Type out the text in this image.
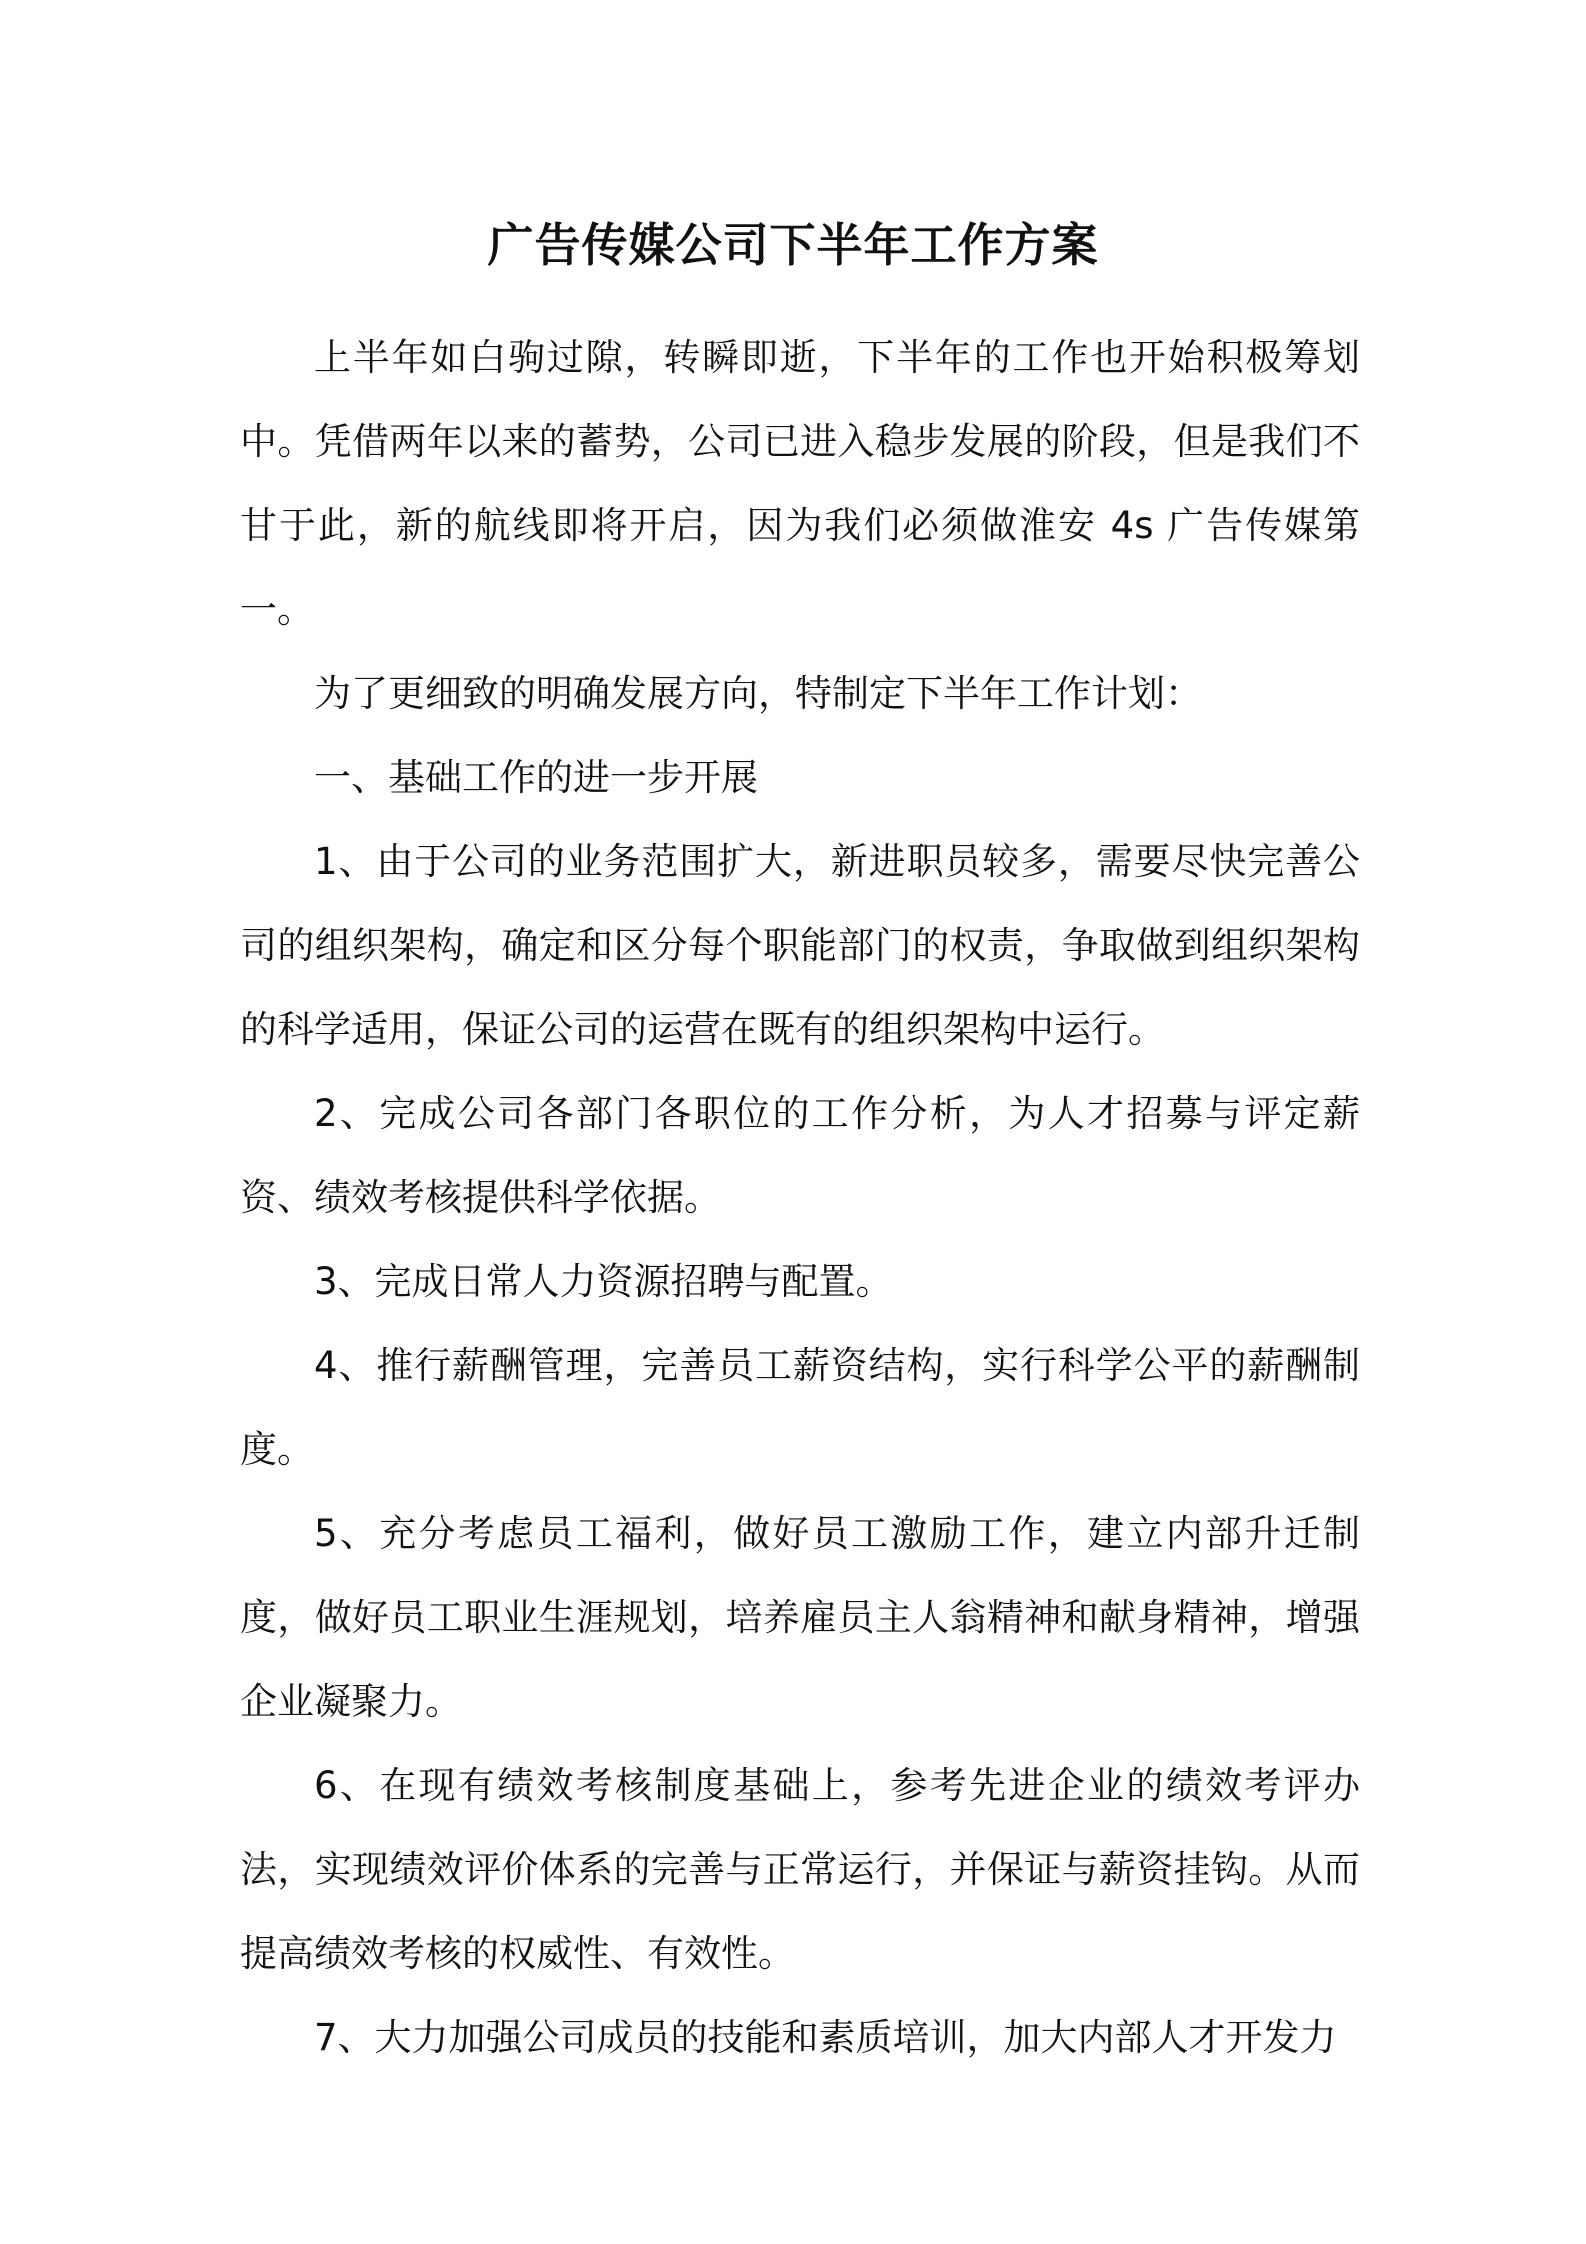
广告传媒公司下半年工作方案

上半年如白驹过隙，转瞬即逝，下半年的工作也开始积极筹划中。凭借两年以来的蓄势，公司已进入稳步发展的阶段，但是我们不甘于此，新的航线即将开启，因为我们必须做淮安 4s 广告传媒第一。

为了更细致的明确发展方向，特制定下半年工作计划：

一、基础工作的进一步开展

1、由于公司的业务范围扩大，新进职员较多，需要尽快完善公司的组织架构，确定和区分每个职能部门的权责，争取做到组织架构的科学适用，保证公司的运营在既有的组织架构中运行。

2、完成公司各部门各职位的工作分析，为人才招募与评定薪资、绩效考核提供科学依据。

3、完成日常人力资源招聘与配置。

4、推行薪酬管理，完善员工薪资结构，实行科学公平的薪酬制度。

5、充分考虑员工福利，做好员工激励工作，建立内部升迁制度，做好员工职业生涯规划，培养雇员主人翁精神和献身精神，增强企业凝聚力。

6、在现有绩效考核制度基础上，参考先进企业的绩效考评办法，实现绩效评价体系的完善与正常运行，并保证与薪资挂钩。从而提高绩效考核的权威性、有效性。

7、大力加强公司成员的技能和素质培训，加大内部人才开发力
